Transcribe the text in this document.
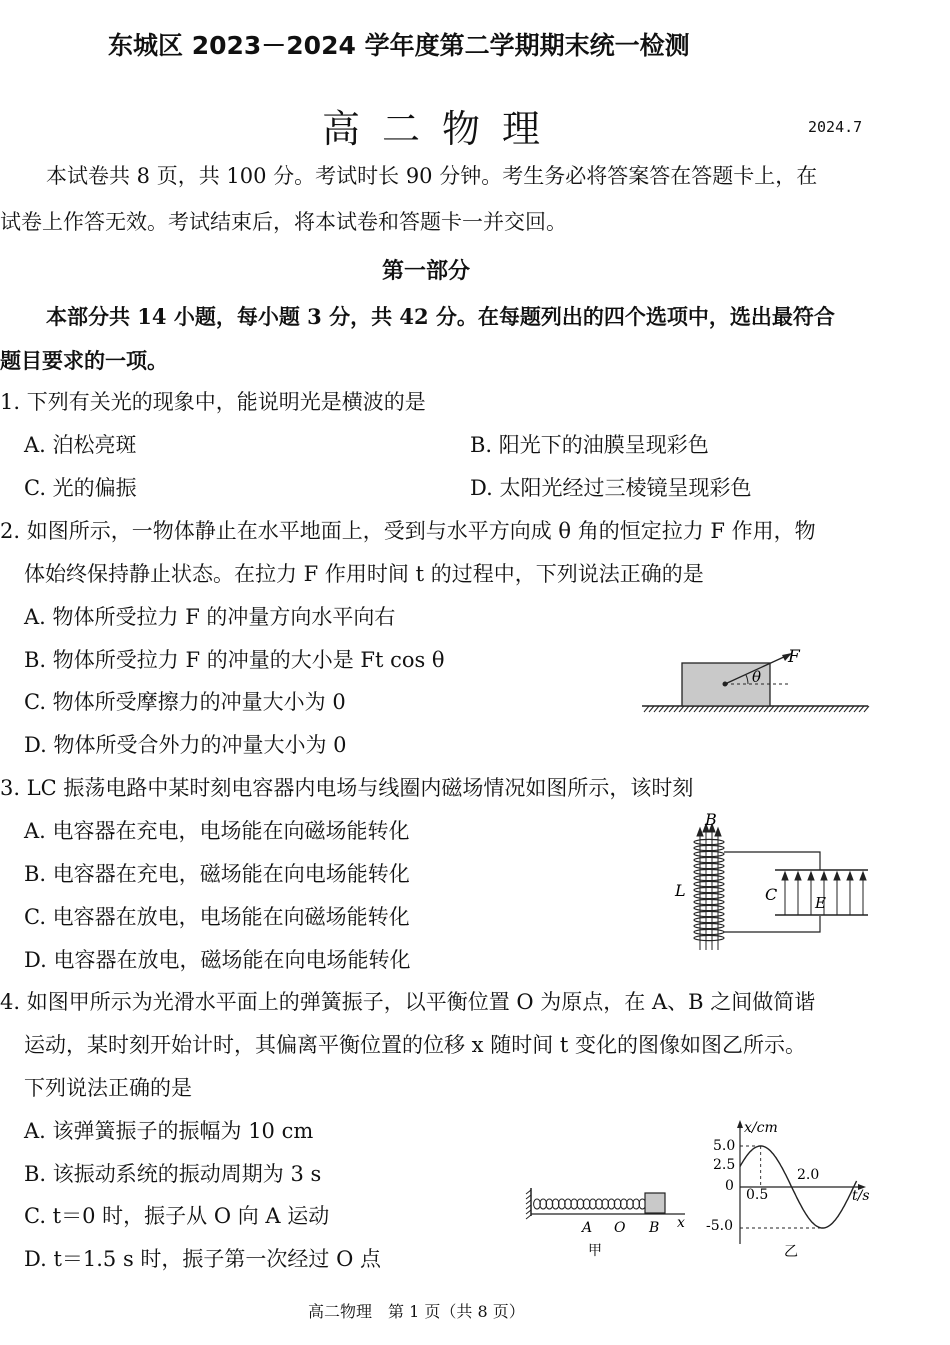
东城区 2023－2024 学年度第二学期期末统一检测
高二物理	2024.7
本试卷共 8 页，共 100 分。考试时长 90 分钟。考生务必将答案答在答题卡上，在
试卷上作答无效。考试结束后，将本试卷和答题卡一并交回。
第一部分
本部分共 14 小题，每小题 3 分，共 42 分。在每题列出的四个选项中，选出最符合
题目要求的一项。
1. 下列有关光的现象中，能说明光是横波的是
A. 泊松亮斑	B. 阳光下的油膜呈现彩色
C. 光的偏振	D. 太阳光经过三棱镜呈现彩色
2. 如图所示，一物体静止在水平地面上，受到与水平方向成 θ 角的恒定拉力 F 作用，物
体始终保持静止状态。在拉力 F 作用时间 t 的过程中，下列说法正确的是
A. 物体所受拉力 F 的冲量方向水平向右
B. 物体所受拉力 F 的冲量的大小是 Ft cos θ
C. 物体所受摩擦力的冲量大小为 0
D. 物体所受合外力的冲量大小为 0
F
θ
3. LC 振荡电路中某时刻电容器内电场与线圈内磁场情况如图所示，该时刻
A. 电容器在充电，电场能在向磁场能转化
B. 电容器在充电，磁场能在向电场能转化
C. 电容器在放电，电场能在向磁场能转化
D. 电容器在放电，磁场能在向电场能转化
B
L	C	E
4. 如图甲所示为光滑水平面上的弹簧振子，以平衡位置 O 为原点，在 A、B 之间做简谐
运动，某时刻开始计时，其偏离平衡位置的位移 x 随时间 t 变化的图像如图乙所示。
下列说法正确的是
A. 该弹簧振子的振幅为 10 cm
B. 该振动系统的振动周期为 3 s
C. t＝0 时，振子从 O 向 A 运动
D. t＝1.5 s 时，振子第一次经过 O 点
A O B x
甲
x/cm
t/s
0
5.0
2.5
-5.0
0.5
2.0
乙
高二物理　第 1 页（共 8 页）
